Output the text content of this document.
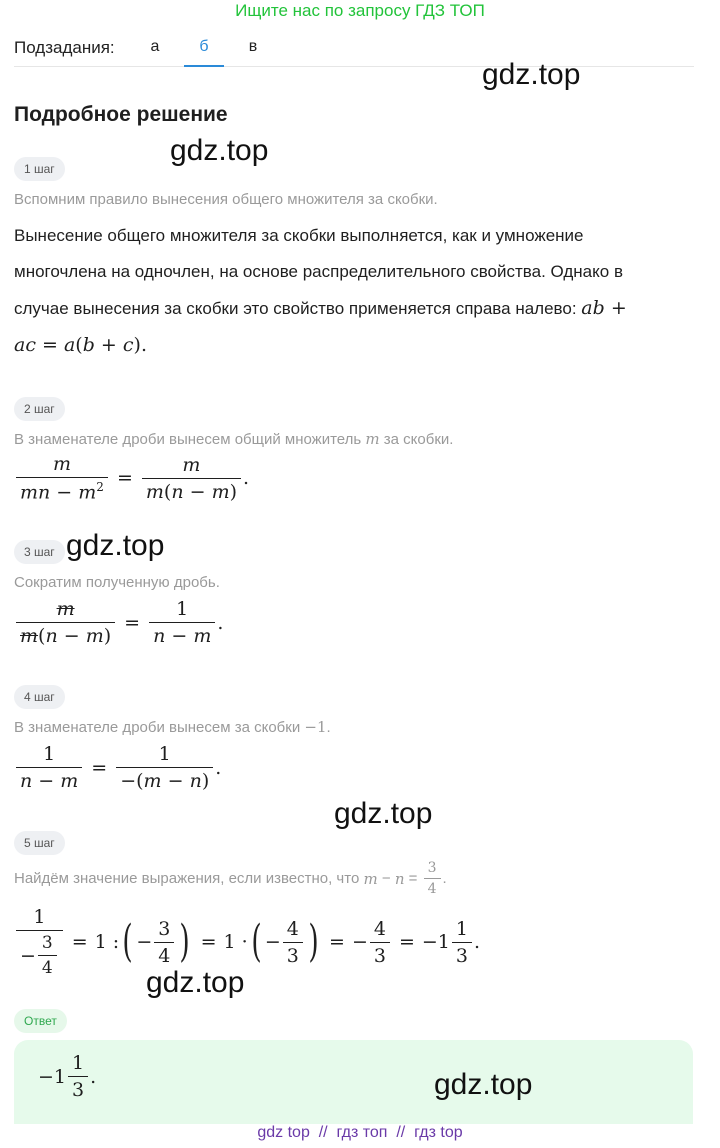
Ищите нас по запросу ГДЗ ТОП
Подзадания:	а	б	в
gdz.top
Подробное решение
gdz.top
1 шаг
Вспомним правило вынесения общего множителя за скобки.
Вынесение общего множителя за скобки выполняется, как и умножение
многочлена на одночлен, на основе распределительного свойства. Однако в
случае вынесения за скобки это свойство применяется справа налево: ab +
ac = a(b + c).
2 шаг
В знаменателе дроби вынесем общий множитель m за скобки.
$\frac{m}{mn - m^2} = \frac{m}{m(n - m)}$ .
gdz.top
3 шаг
Сократим полученную дробь.
$\frac{m}{m(n - m)} = \frac{1}{n - m}$ .
4 шаг
В знаменателе дроби вынесем за скобки −1.
$\frac{1}{n - m} = \frac{1}{-(m - n)}$ .
gdz.top
5 шаг
Найдём значение выражения, если известно, что
$m - n = \frac{3}{4}$ .
$\frac{1}{- \frac{3}{4}} = 1$ : ( − $\frac{3}{4}$ ) = 1 · ( − $\frac{4}{3}$ ) = − $\frac{4}{3} = -1 \frac{1}{3}$ .
gdz.top
Ответ
$-1 \frac{1}{3}$ .	gdz.top
gdz top // гдз топ // гдз top
